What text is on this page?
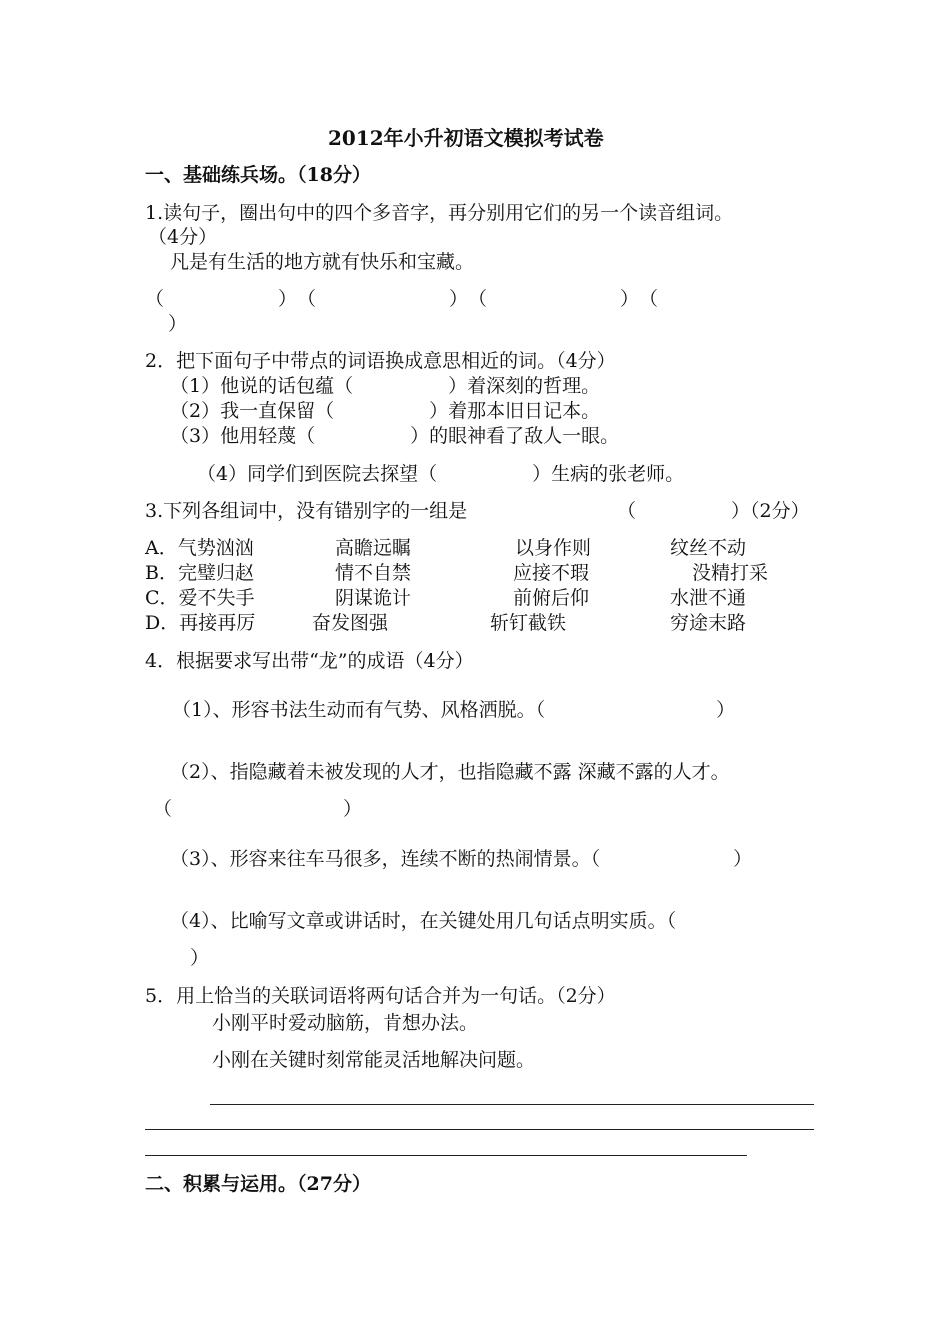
2012年小升初语文模拟考试卷
一、基础练兵场。（18分）
1.读句子，圈出句中的四个多音字，再分别用它们的另一个读音组词。
（4分）
凡是有生活的地方就有快乐和宝藏。
（　　　　　　）　（　　　　　　　）　（　　　　　　　）　（
）
2．把下面句子中带点的词语换成意思相近的词。（4分）
（1）他说的话包蕴（　　　　　）着深刻的哲理。
（2）我一直保留（　　　　　）着那本旧日记本。
（3）他用轻蔑（　　　　　）的眼神看了敌人一眼。
（4）同学们到医院去探望（　　　　　）生病的张老师。
3.下列各组词中，没有错别字的一组是	（　　　　　）（2分）
A．气势汹汹	高瞻远瞩	以身作则	纹丝不动
B．完璧归赵	情不自禁	应接不瑕	没精打采
C．爱不失手	阴谋诡计	前俯后仰	水泄不通
D．再接再厉	奋发图强	斩钉截铁	穷途末路
4．根据要求写出带“龙”的成语（4分）
（1）、形容书法生动而有气势、风格洒脱。（　　　　　　　　　）
（2）、指隐藏着未被发现的人才，也指隐藏不露 深藏不露的人才。
（　　　　　　　　　）
（3）、形容来往车马很多，连续不断的热闹情景。（　　　　　　　）
（4）、比喻写文章或讲话时，在关键处用几句话点明实质。（
）
5．用上恰当的关联词语将两句话合并为一句话。（2分）
小刚平时爱动脑筋，肯想办法。
小刚在关键时刻常能灵活地解决问题。
二、积累与运用。（27分）
